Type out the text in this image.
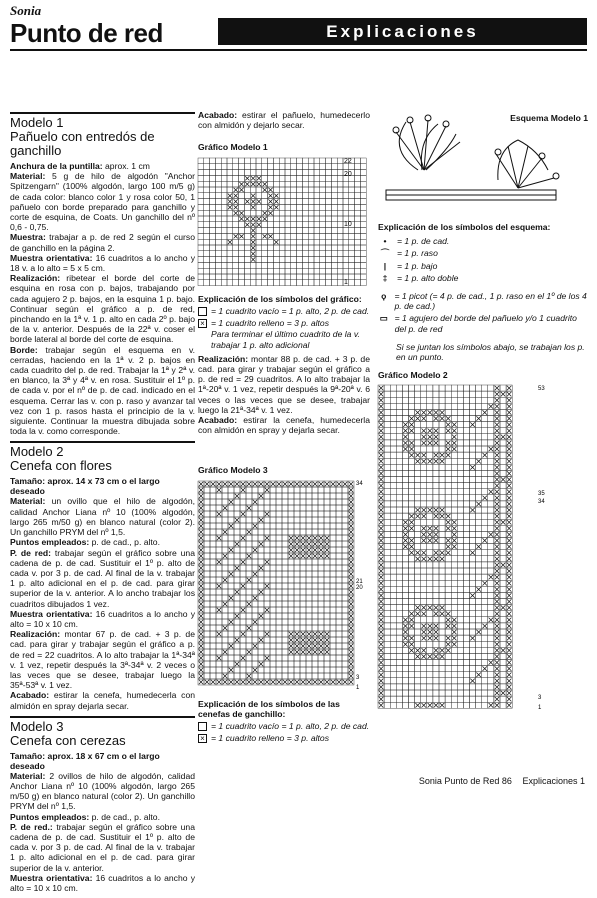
Sonia
Punto de red	Explicaciones
Modelo 1
Pañuelo con entredós de ganchillo

Anchura de la puntilla: aprox. 1 cm

Material: 5 g de hilo de algodón "Anchor Spitzengarn" (100% algodón, largo 100 m/5 g) de cada color: blanco color 1 y rosa color 50, 1 pañuelo con borde preparado para ganchillo y corte de esquina, de Coats. Un ganchillo del nº 0,6 - 0,75.

Muestra: trabajar a p. de red 2 según el curso de ganchillo en la página 2.

Muestra orientativa: 16 cuadritos a lo ancho y 18 v. a lo alto = 5 x 5 cm.

Realización: ribetear el borde del corte de esquina en rosa con p. bajos, trabajando por cada agujero 2 p. bajos, en la esquina 1 p. bajo. Continuar según el gráfico a p. de red, pinchando en la 1ª v. 1 p. alto en cada 2º p. bajo de la v. anterior. Después de la 22ª v. coser el borde lateral al borde del corte de esquina.

Borde: trabajar según el esquema en v. cerradas, haciendo en la 1ª v. 2 p. bajos en cada cuadrito del p. de red. Trabajar la 1ª y 2ª v. en blanco, la 3ª y 4ª v. en rosa. Sustituir el 1º p. de cada v. por el nº de p. de cad. indicado en el esquema. Cerrar las v. con p. raso y avanzar tal vez con 1 p. rasos hasta el principio de la v. siguiente. Continuar la muestra dibujada sobre toda la v. como corresponde.

Modelo 2
Cenefa con flores
Tamaño: aprox. 14 x 73 cm o el largo deseado

Material: un ovillo que el hilo de algodón, calidad Anchor Liana nº 10 (100% algodón, largo 265 m/50 g) en blanco natural (color 2). Un ganchillo PRYM del nº 1,5.

Puntos empleados: p. de cad., p. alto.

P. de red: trabajar según el gráfico sobre una cadena de p. de cad. Sustituir el 1º p. alto de cada v. por 3 p. de cad. Al final de la v. trabajar 1 p. alto adicional en el p. de cad. para girar superior de la v. anterior. A lo ancho trabajar los cuadritos dibujados 1 vez.

Muestra orientativa: 16 cuadritos a lo ancho y alto = 10 x 10 cm.

Realización: montar 67 p. de cad. + 3 p. de cad. para girar y trabajar según el gráfico a p. de red = 22 cuadritos. A lo alto trabajar la 1ª-34ª v. 1 vez, repetir después la 3ª-34ª v. 2 veces o las veces que se desee, trabajar luego la 35ª-53ª v. 1 vez.

Acabado: estirar la cenefa, humedecerla con almidón en spray dejarla secar.

Modelo 3
Cenefa con cerezas
Tamaño: aprox. 18 x 67 cm o el largo deseado

Material: 2 ovillos de hilo de algodón, calidad Anchor Liana nº 10 (100% algodón, largo 265 m/50 g) en blanco natural (color 2). Un ganchillo PRYM del nº 1,5.

Puntos empleados: p. de cad., p. alto.

P. de red.: trabajar según el gráfico sobre una cadena de p. de cad. Sustituir el 1º p. alto de cada v. por 3 p. de cad. Al final de la v. trabajar 1 p. alto adicional en el p. de cad. para girar superior de la v. anterior.

Muestra orientativa: 16 cuadritos a lo ancho y alto = 10 x 10 cm.

Acabado: estirar el pañuelo, humedecerlo con almidón y dejarlo secar.

Gráfico Modelo 1
22
20
10
1
Explicación de los símbolos del gráfico:
= 1 cuadrito vacío = 1 p. alto, 2 p. de cad.
× = 1 cuadrito relleno = 3 p. altos
Para terminar el último cuadrito de la v. trabajar 1 p. alto adicional

Realización: montar 88 p. de cad. + 3 p. de cad. para girar y trabajar según el gráfico a p. de red = 29 cuadritos. A lo alto trabajar la 1ª-20ª v. 1 vez, repetir después la 9ª-20ª v. 6 veces o las veces que se desee, trabajar luego la 21ª-34ª v. 1 vez.

Acabado: estirar la cenefa, humedecerla con almidón en spray y dejarla secar.

Gráfico Modelo 3
34
21
20
3
1
Explicación de los símbolos de las cenefas de ganchillo:
= 1 cuadrito vacío = 1 p. alto, 2 p. de cad.
× = 1 cuadrito relleno = 3 p. altos
Esquema Modelo 1
Explicación de los símbolos del esquema:
•	= 1 p. de cad.
⌒ = 1 p. raso
|	= 1 p. bajo
‡	= 1 p. alto doble
ϙ = 1 picot (= 4 p. de cad., 1 p. raso en el 1º de los 4 p. de cad.)
▭ = 1 agujero del borde del pañuelo y/o 1 cuadrito del p. de red
Si se juntan los símbolos abajo, se trabajan los p. en un punto.
Gráfico Modelo 2
53
35
34
3
1
Sonia Punto de Red 86 Explicaciones 1
